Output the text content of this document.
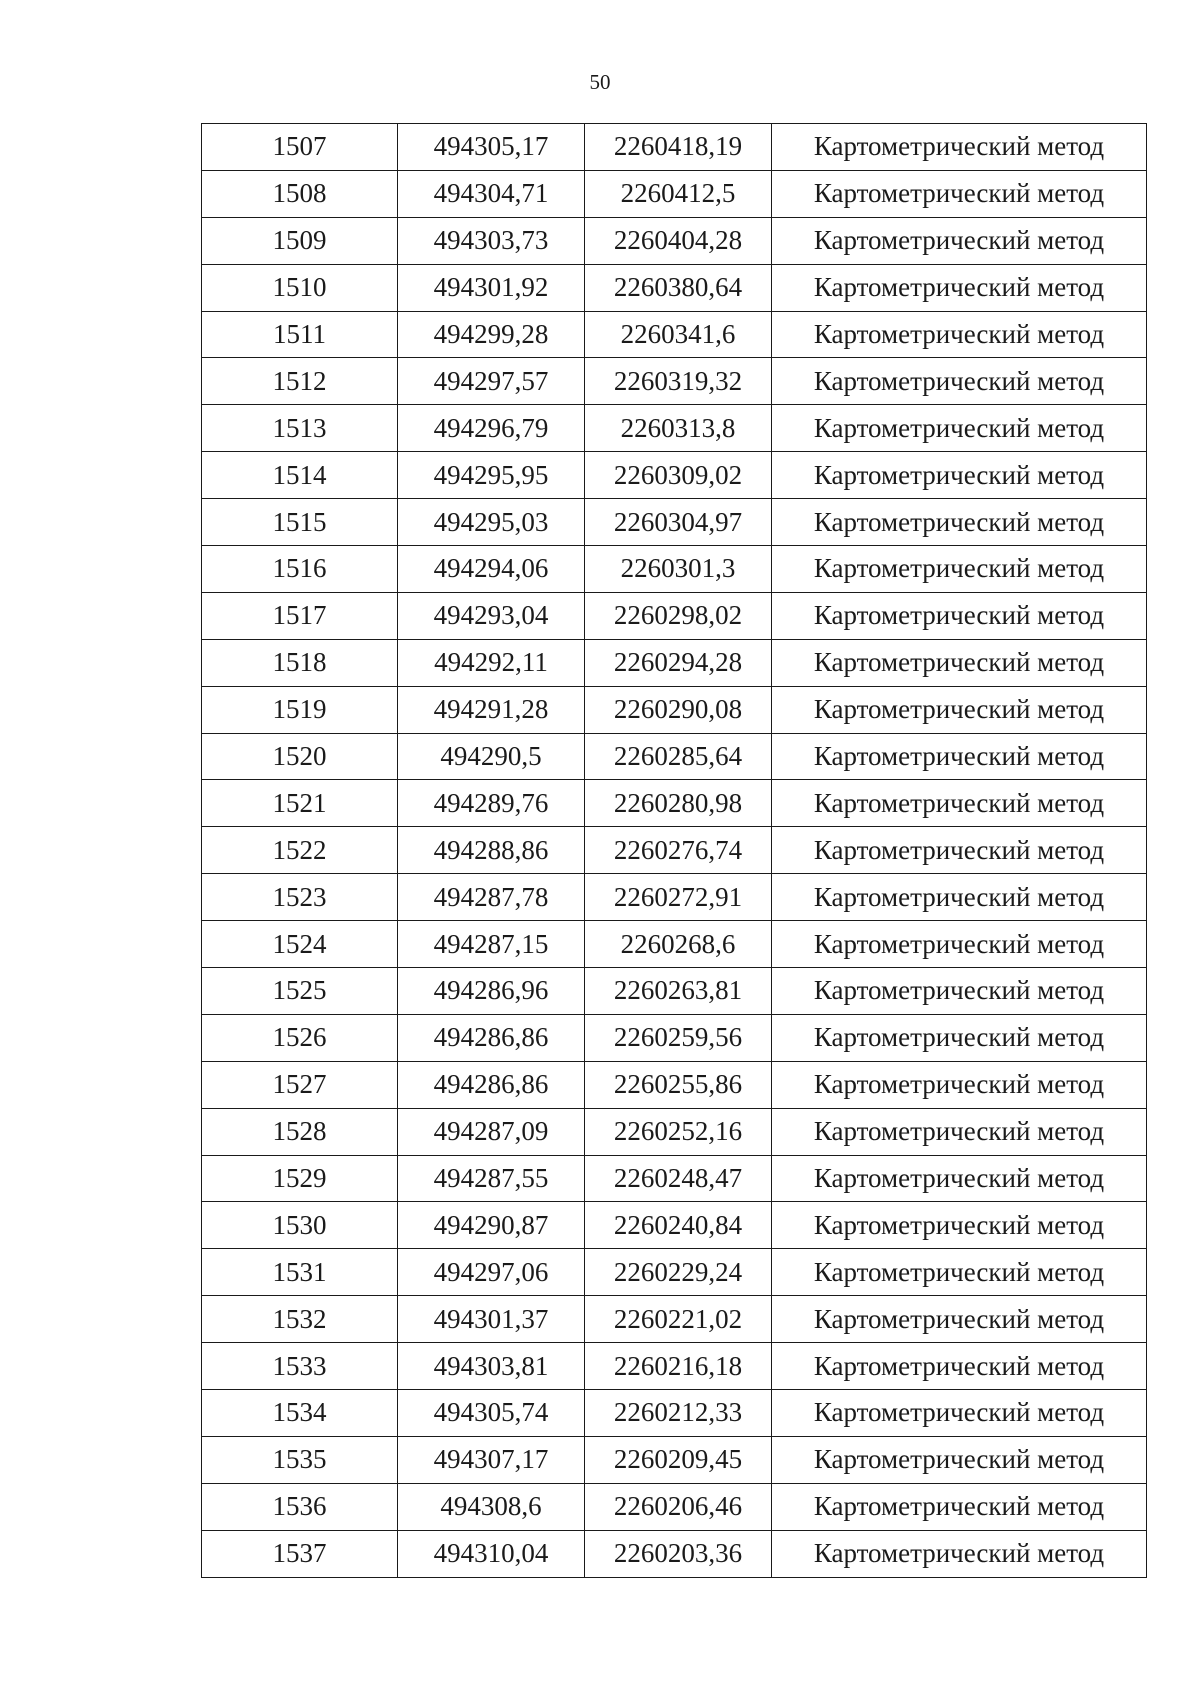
50
1507	494305,17	2260418,19	Картометрический метод
1508	494304,71	2260412,5	Картометрический метод
1509	494303,73	2260404,28	Картометрический метод
1510	494301,92	2260380,64	Картометрический метод
1511	494299,28	2260341,6	Картометрический метод
1512	494297,57	2260319,32	Картометрический метод
1513	494296,79	2260313,8	Картометрический метод
1514	494295,95	2260309,02	Картометрический метод
1515	494295,03	2260304,97	Картометрический метод
1516	494294,06	2260301,3	Картометрический метод
1517	494293,04	2260298,02	Картометрический метод
1518	494292,11	2260294,28	Картометрический метод
1519	494291,28	2260290,08	Картометрический метод
1520	494290,5	2260285,64	Картометрический метод
1521	494289,76	2260280,98	Картометрический метод
1522	494288,86	2260276,74	Картометрический метод
1523	494287,78	2260272,91	Картометрический метод
1524	494287,15	2260268,6	Картометрический метод
1525	494286,96	2260263,81	Картометрический метод
1526	494286,86	2260259,56	Картометрический метод
1527	494286,86	2260255,86	Картометрический метод
1528	494287,09	2260252,16	Картометрический метод
1529	494287,55	2260248,47	Картометрический метод
1530	494290,87	2260240,84	Картометрический метод
1531	494297,06	2260229,24	Картометрический метод
1532	494301,37	2260221,02	Картометрический метод
1533	494303,81	2260216,18	Картометрический метод
1534	494305,74	2260212,33	Картометрический метод
1535	494307,17	2260209,45	Картометрический метод
1536	494308,6	2260206,46	Картометрический метод
1537	494310,04	2260203,36	Картометрический метод
